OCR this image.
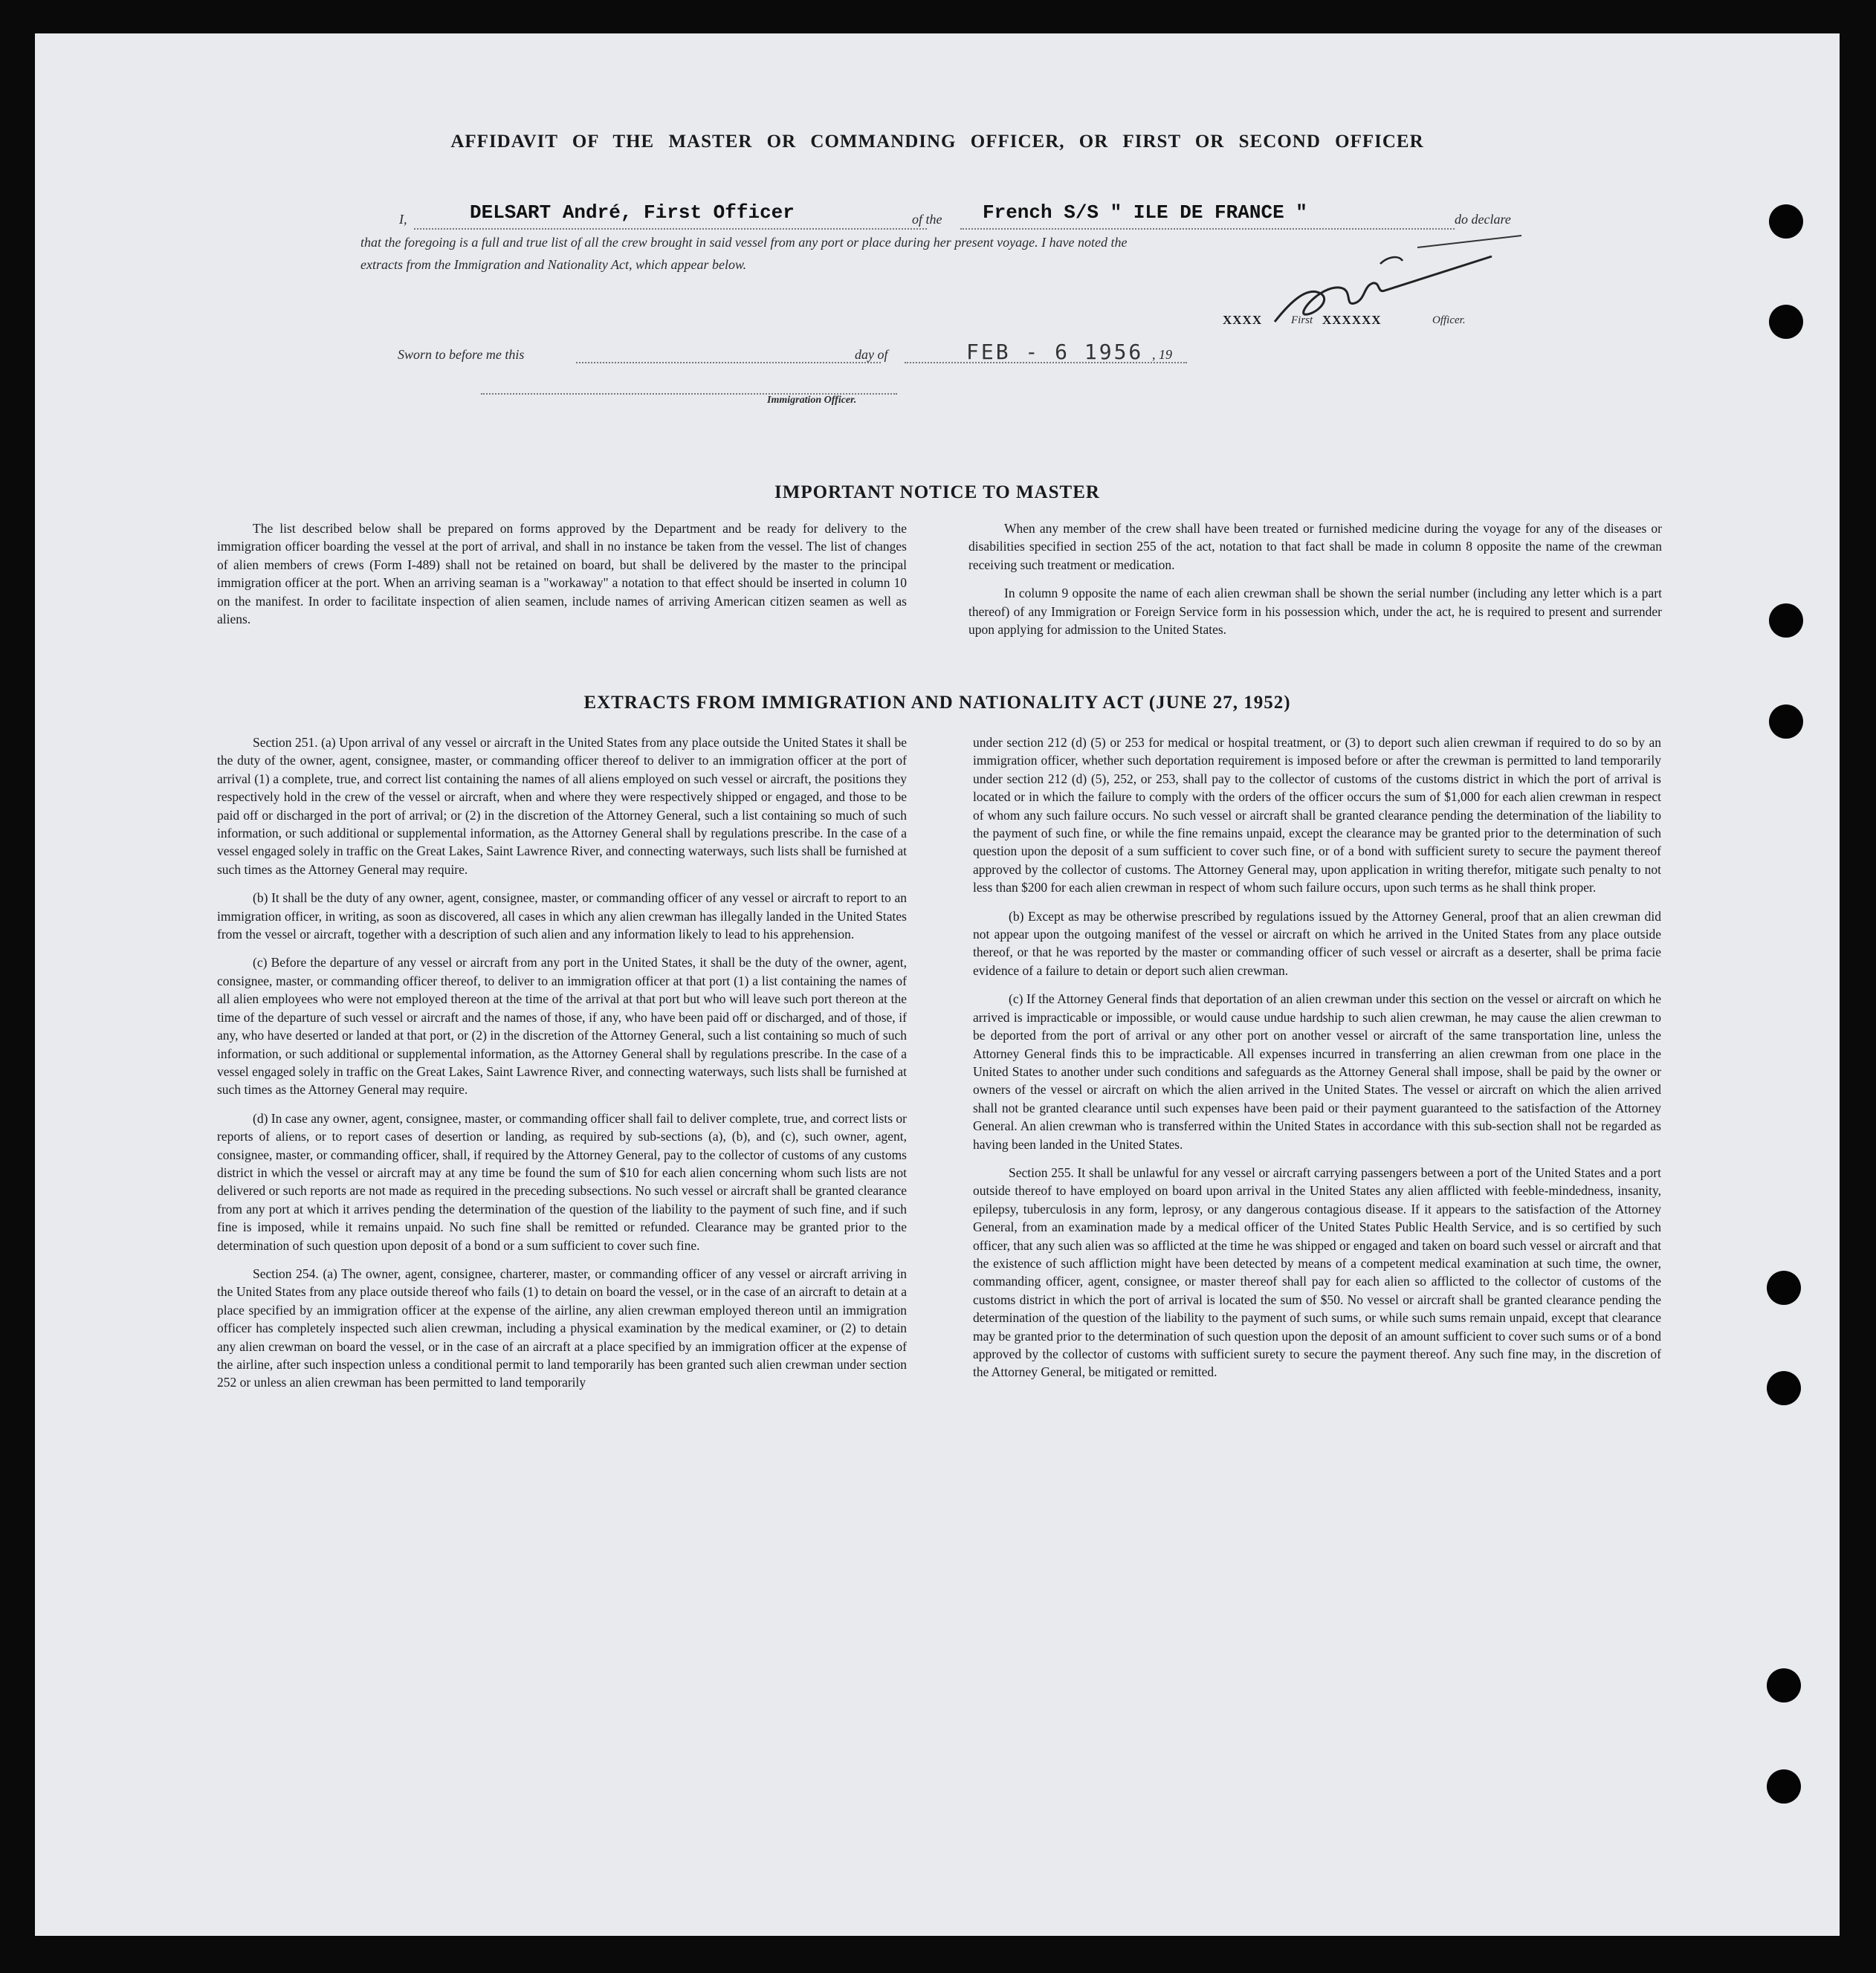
AFFIDAVIT OF THE MASTER OR COMMANDING OFFICER, OR FIRST OR SECOND OFFICER
I,	DELSART André, First Officer	of the French S/S " ILE DE FRANCE "	do declare
that the foregoing is a full and true list of all the crew brought in said vessel from any port or place during her present voyage. I have noted the
extracts from the Immigration and Nationality Act, which appear below.
XXXX	First XXXXXX	Officer.
Sworn to before me this	day of	FEB - 6 1956 , 19
Immigration Officer.
IMPORTANT NOTICE TO MASTER

The list described below shall be prepared on forms approved by the Department and be ready for delivery to the immigration officer boarding the vessel at the port of arrival, and shall in no instance be taken from the vessel. The list of changes of alien members of crews (Form I-489) shall not be retained on board, but shall be delivered by the master to the principal immigration officer at the port. When an arriving seaman is a "workaway" a notation to that effect should be inserted in column 10 on the manifest. In order to facilitate inspection of alien seamen, include names of arriving American citizen seamen as well as aliens.

When any member of the crew shall have been treated or furnished medicine during the voyage for any of the diseases or disabilities specified in section 255 of the act, notation to that fact shall be made in column 8 opposite the name of the crewman receiving such treatment or medication.

In column 9 opposite the name of each alien crewman shall be shown the serial number (including any letter which is a part thereof) of any Immigration or Foreign Service form in his possession which, under the act, he is required to present and surrender upon applying for admission to the United States.

EXTRACTS FROM IMMIGRATION AND NATIONALITY ACT (JUNE 27, 1952)

Section 251. (a) Upon arrival of any vessel or aircraft in the United States from any place outside the United States it shall be the duty of the owner, agent, consignee, master, or commanding officer thereof to deliver to an immigration officer at the port of arrival (1) a complete, true, and correct list containing the names of all aliens employed on such vessel or aircraft, the positions they respectively hold in the crew of the vessel or aircraft, when and where they were respectively shipped or engaged, and those to be paid off or discharged in the port of arrival; or (2) in the discretion of the Attorney General, such a list containing so much of such information, or such additional or supplemental information, as the Attorney General shall by regulations prescribe. In the case of a vessel engaged solely in traffic on the Great Lakes, Saint Lawrence River, and connecting waterways, such lists shall be furnished at such times as the Attorney General may require.

(b) It shall be the duty of any owner, agent, consignee, master, or commanding officer of any vessel or aircraft to report to an immigration officer, in writing, as soon as discovered, all cases in which any alien crewman has illegally landed in the United States from the vessel or aircraft, together with a description of such alien and any information likely to lead to his apprehension.

(c) Before the departure of any vessel or aircraft from any port in the United States, it shall be the duty of the owner, agent, consignee, master, or commanding officer thereof, to deliver to an immigration officer at that port (1) a list containing the names of all alien employees who were not employed thereon at the time of the arrival at that port but who will leave such port thereon at the time of the departure of such vessel or aircraft and the names of those, if any, who have been paid off or discharged, and of those, if any, who have deserted or landed at that port, or (2) in the discretion of the Attorney General, such a list containing so much of such information, or such additional or supplemental information, as the Attorney General shall by regulations prescribe. In the case of a vessel engaged solely in traffic on the Great Lakes, Saint Lawrence River, and connecting waterways, such lists shall be furnished at such times as the Attorney General may require.

(d) In case any owner, agent, consignee, master, or commanding officer shall fail to deliver complete, true, and correct lists or reports of aliens, or to report cases of desertion or landing, as required by sub-sections (a), (b), and (c), such owner, agent, consignee, master, or commanding officer, shall, if required by the Attorney General, pay to the collector of customs of any customs district in which the vessel or aircraft may at any time be found the sum of $10 for each alien concerning whom such lists are not delivered or such reports are not made as required in the preceding subsections. No such vessel or aircraft shall be granted clearance from any port at which it arrives pending the determination of the question of the liability to the payment of such fine, and if such fine is imposed, while it remains unpaid. No such fine shall be remitted or refunded. Clearance may be granted prior to the determination of such question upon deposit of a bond or a sum sufficient to cover such fine.

Section 254. (a) The owner, agent, consignee, charterer, master, or commanding officer of any vessel or aircraft arriving in the United States from any place outside thereof who fails (1) to detain on board the vessel, or in the case of an aircraft to detain at a place specified by an immigration officer at the expense of the airline, any alien crewman employed thereon until an immigration officer has completely inspected such alien crewman, including a physical examination by the medical examiner, or (2) to detain any alien crewman on board the vessel, or in the case of an aircraft at a place specified by an immigration officer at the expense of the airline, after such inspection unless a conditional permit to land temporarily has been granted such alien crewman under section 252 or unless an alien crewman has been permitted to land temporarily

under section 212 (d) (5) or 253 for medical or hospital treatment, or (3) to deport such alien crewman if required to do so by an immigration officer, whether such deportation requirement is imposed before or after the crewman is permitted to land temporarily under section 212 (d) (5), 252, or 253, shall pay to the collector of customs of the customs district in which the port of arrival is located or in which the failure to comply with the orders of the officer occurs the sum of $1,000 for each alien crewman in respect of whom any such failure occurs. No such vessel or aircraft shall be granted clearance pending the determination of the liability to the payment of such fine, or while the fine remains unpaid, except the clearance may be granted prior to the determination of such question upon the deposit of a sum sufficient to cover such fine, or of a bond with sufficient surety to secure the payment thereof approved by the collector of customs. The Attorney General may, upon application in writing therefor, mitigate such penalty to not less than $200 for each alien crewman in respect of whom such failure occurs, upon such terms as he shall think proper.

(b) Except as may be otherwise prescribed by regulations issued by the Attorney General, proof that an alien crewman did not appear upon the outgoing manifest of the vessel or aircraft on which he arrived in the United States from any place outside thereof, or that he was reported by the master or commanding officer of such vessel or aircraft as a deserter, shall be prima facie evidence of a failure to detain or deport such alien crewman.

(c) If the Attorney General finds that deportation of an alien crewman under this section on the vessel or aircraft on which he arrived is impracticable or impossible, or would cause undue hardship to such alien crewman, he may cause the alien crewman to be deported from the port of arrival or any other port on another vessel or aircraft of the same transportation line, unless the Attorney General finds this to be impracticable. All expenses incurred in transferring an alien crewman from one place in the United States to another under such conditions and safeguards as the Attorney General shall impose, shall be paid by the owner or owners of the vessel or aircraft on which the alien arrived in the United States. The vessel or aircraft on which the alien arrived shall not be granted clearance until such expenses have been paid or their payment guaranteed to the satisfaction of the Attorney General. An alien crewman who is transferred within the United States in accordance with this sub-section shall not be regarded as having been landed in the United States.

Section 255. It shall be unlawful for any vessel or aircraft carrying passengers between a port of the United States and a port outside thereof to have employed on board upon arrival in the United States any alien afflicted with feeble-mindedness, insanity, epilepsy, tuberculosis in any form, leprosy, or any dangerous contagious disease. If it appears to the satisfaction of the Attorney General, from an examination made by a medical officer of the United States Public Health Service, and is so certified by such officer, that any such alien was so afflicted at the time he was shipped or engaged and taken on board such vessel or aircraft and that the existence of such affliction might have been detected by means of a competent medical examination at such time, the owner, commanding officer, agent, consignee, or master thereof shall pay for each alien so afflicted to the collector of customs of the customs district in which the port of arrival is located the sum of $50. No vessel or aircraft shall be granted clearance pending the determination of the question of the liability to the payment of such sums, or while such sums remain unpaid, except that clearance may be granted prior to the determination of such question upon the deposit of an amount sufficient to cover such sums or of a bond approved by the collector of customs with sufficient surety to secure the payment thereof. Any such fine may, in the discretion of the Attorney General, be mitigated or remitted.
